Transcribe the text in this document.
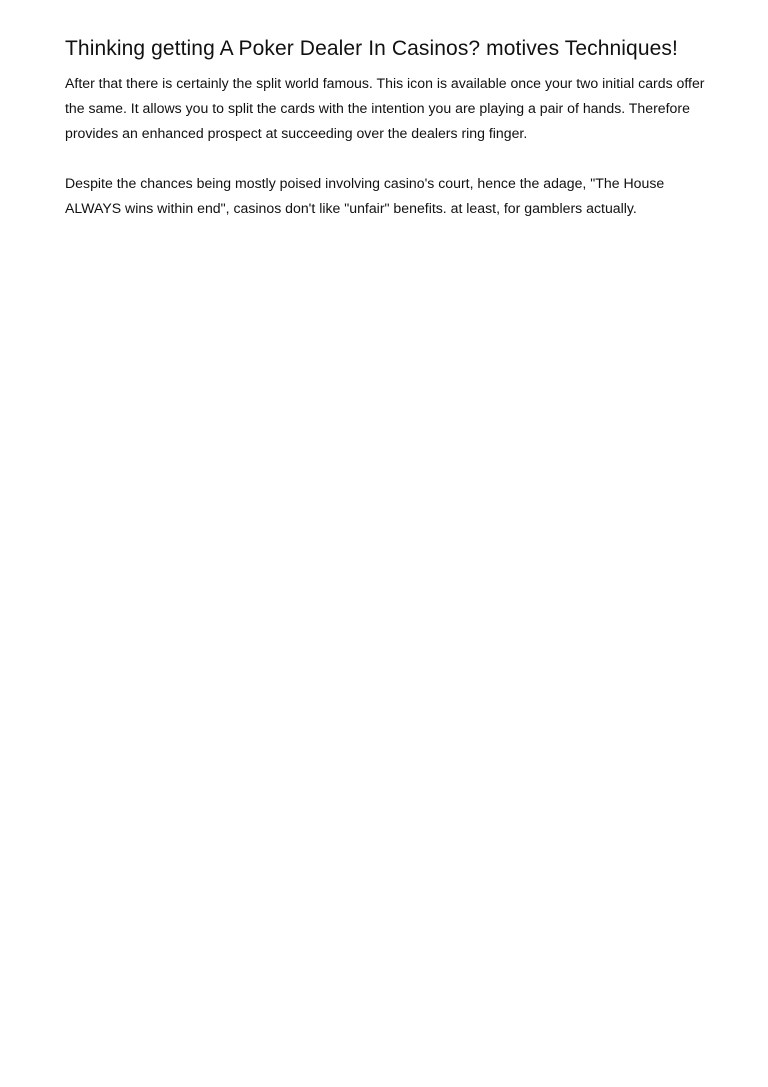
Thinking getting A Poker Dealer In Casinos? motives Techniques!

After that there is certainly the split world famous. This icon is available once your two initial cards offer the same. It allows you to split the cards with the intention you are playing a pair of hands. Therefore provides an enhanced prospect at succeeding over the dealers ring finger.

Despite the chances being mostly poised involving casino's court, hence the adage, "The House ALWAYS wins within end", casinos don't like "unfair" benefits. at least, for gamblers actually.
